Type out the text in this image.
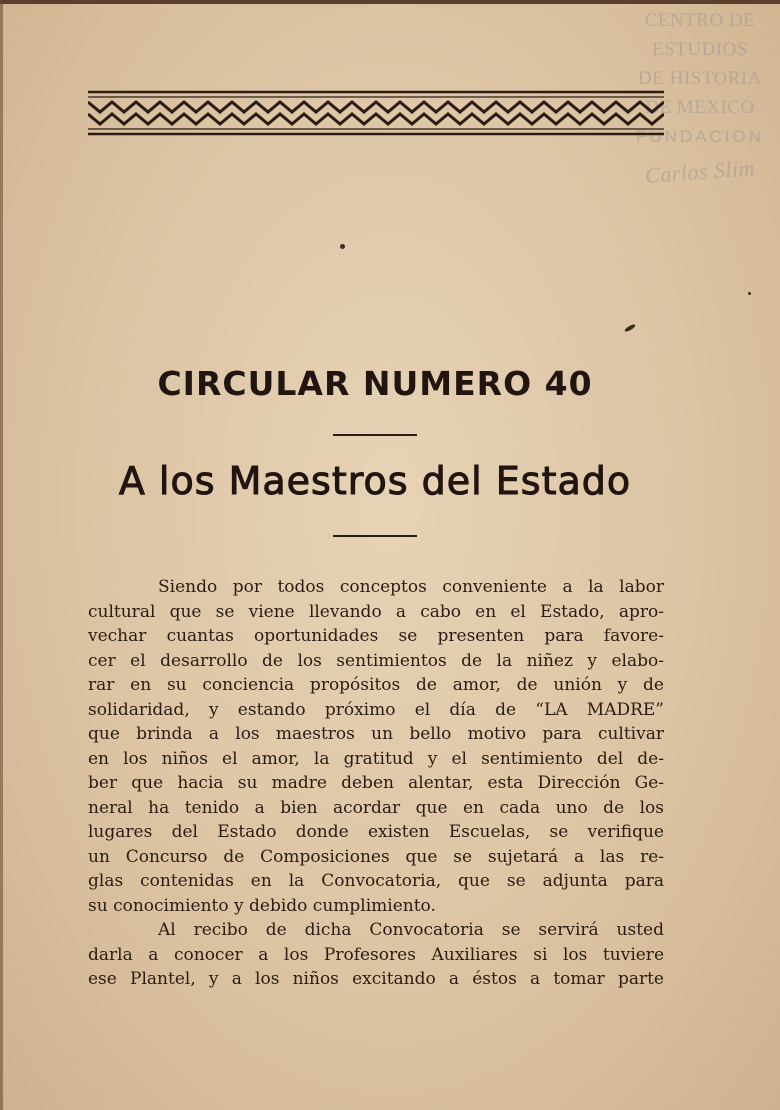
CENTRO DE
ESTUDIOS
DE HISTORIA
DE MEXICO
FUNDACION
Carlos Slim
CIRCULAR NUMERO 40
A los Maestros del Estado
Siendo por todos conceptos conveniente a la labor
cultural que se viene llevando a cabo en el Estado, apro-
vechar cuantas oportunidades se presenten para favore-
cer el desarrollo de los sentimientos de la niñez y elabo-
rar en su conciencia propósitos de amor, de unión y de
solidaridad, y estando próximo el día de “LA MADRE”
que brinda a los maestros un bello motivo para cultivar
en los niños el amor, la gratitud y el sentimiento del de-
ber que hacia su madre deben alentar, esta Dirección Ge-
neral ha tenido a bien acordar que en cada uno de los
lugares del Estado donde existen Escuelas, se verifique
un Concurso de Composiciones que se sujetará a las re-
glas contenidas en la Convocatoria, que se adjunta para
su conocimiento y debido cumplimiento.
Al recibo de dicha Convocatoria se servirá usted
darla a conocer a los Profesores Auxiliares si los tuviere
ese Plantel, y a los niños excitando a éstos a tomar parte
